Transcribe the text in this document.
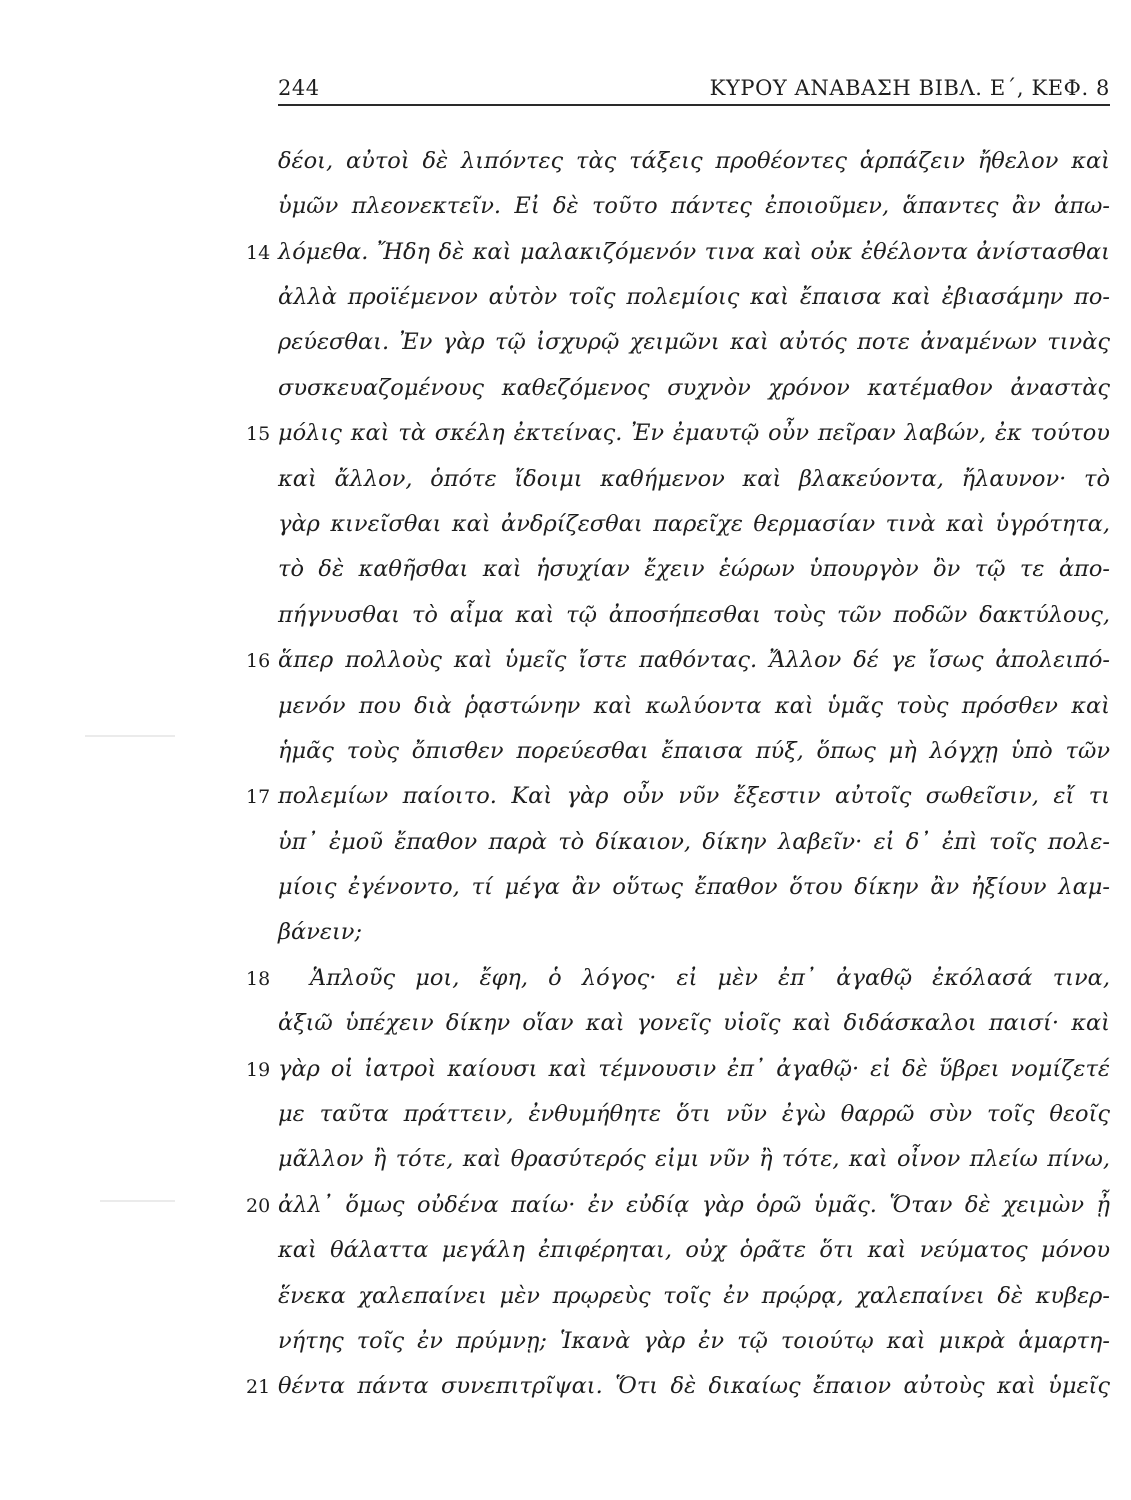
244	ΚΥΡΟΥ ΑΝΑΒΑΣΗ ΒΙΒΛ. Ε΄, ΚΕΦ. 8
δέοι, αὐτοὶ δὲ λιπόντες τὰς τάξεις προθέοντες ἁρπάζειν ἤθελον καὶ
ὑμῶν πλεονεκτεῖν. Εἰ δὲ τοῦτο πάντες ἐποιοῦμεν, ἅπαντες ἂν ἀπω-
λόμεθα. Ἤδη δὲ καὶ μαλακιζόμενόν τινα καὶ οὐκ ἐθέλοντα ἀνίστασθαι
14
ἀλλὰ προϊέμενον αὑτὸν τοῖς πολεμίοις καὶ ἔπαισα καὶ ἐβιασάμην πο-
ρεύεσθαι. Ἐν γὰρ τῷ ἰσχυρῷ χειμῶνι καὶ αὐτός ποτε ἀναμένων τινὰς
συσκευαζομένους καθεζόμενος συχνὸν χρόνον κατέμαθον ἀναστὰς
μόλις καὶ τὰ σκέλη ἐκτείνας. Ἐν ἐμαυτῷ οὖν πεῖραν λαβών, ἐκ τούτου
15
καὶ ἄλλον, ὁπότε ἴδοιμι καθήμενον καὶ βλακεύοντα, ἤλαυνον· τὸ
γὰρ κινεῖσθαι καὶ ἀνδρίζεσθαι παρεῖχε θερμασίαν τινὰ καὶ ὑγρότητα,
τὸ δὲ καθῆσθαι καὶ ἡσυχίαν ἔχειν ἑώρων ὑπουργὸν ὂν τῷ τε ἀπο-
πήγνυσθαι τὸ αἷμα καὶ τῷ ἀποσήπεσθαι τοὺς τῶν ποδῶν δακτύλους,
ἅπερ πολλοὺς καὶ ὑμεῖς ἴστε παθόντας. Ἄλλον δέ γε ἴσως ἀπολειπό-
16
μενόν που διὰ ῥᾳστώνην καὶ κωλύοντα καὶ ὑμᾶς τοὺς πρόσθεν καὶ
ἡμᾶς τοὺς ὄπισθεν πορεύεσθαι ἔπαισα πύξ, ὅπως μὴ λόγχῃ ὑπὸ τῶν
πολεμίων παίοιτο. Καὶ γὰρ οὖν νῦν ἔξεστιν αὐτοῖς σωθεῖσιν, εἴ τι
17
ὑπ᾽ ἐμοῦ ἔπαθον παρὰ τὸ δίκαιον, δίκην λαβεῖν· εἰ δ᾽ ἐπὶ τοῖς πολε-
μίοις ἐγένοντο, τί μέγα ἂν οὕτως ἔπαθον ὅτου δίκην ἂν ἠξίουν λαμ-
βάνειν;
Ἁπλοῦς μοι, ἔφη, ὁ λόγος· εἰ μὲν ἐπ᾽ ἀγαθῷ ἐκόλασά τινα,
18
ἀξιῶ ὑπέχειν δίκην οἵαν καὶ γονεῖς υἱοῖς καὶ διδάσκαλοι παισί· καὶ
γὰρ οἱ ἰατροὶ καίουσι καὶ τέμνουσιν ἐπ᾽ ἀγαθῷ· εἰ δὲ ὕβρει νομίζετέ
19
με ταῦτα πράττειν, ἐνθυμήθητε ὅτι νῦν ἐγὼ θαρρῶ σὺν τοῖς θεοῖς
μᾶλλον ἢ τότε, καὶ θρασύτερός εἰμι νῦν ἢ τότε, καὶ οἶνον πλείω πίνω,
ἀλλ᾽ ὅμως οὐδένα παίω· ἐν εὐδίᾳ γὰρ ὁρῶ ὑμᾶς. Ὅταν δὲ χειμὼν ᾖ
20
καὶ θάλαττα μεγάλη ἐπιφέρηται, οὐχ ὁρᾶτε ὅτι καὶ νεύματος μόνου
ἕνεκα χαλεπαίνει μὲν πρῳρεὺς τοῖς ἐν πρῴρᾳ, χαλεπαίνει δὲ κυβερ-
νήτης τοῖς ἐν πρύμνῃ; Ἱκανὰ γὰρ ἐν τῷ τοιούτῳ καὶ μικρὰ ἁμαρτη-
θέντα πάντα συνεπιτρῖψαι. Ὅτι δὲ δικαίως ἔπαιον αὐτοὺς καὶ ὑμεῖς
21
